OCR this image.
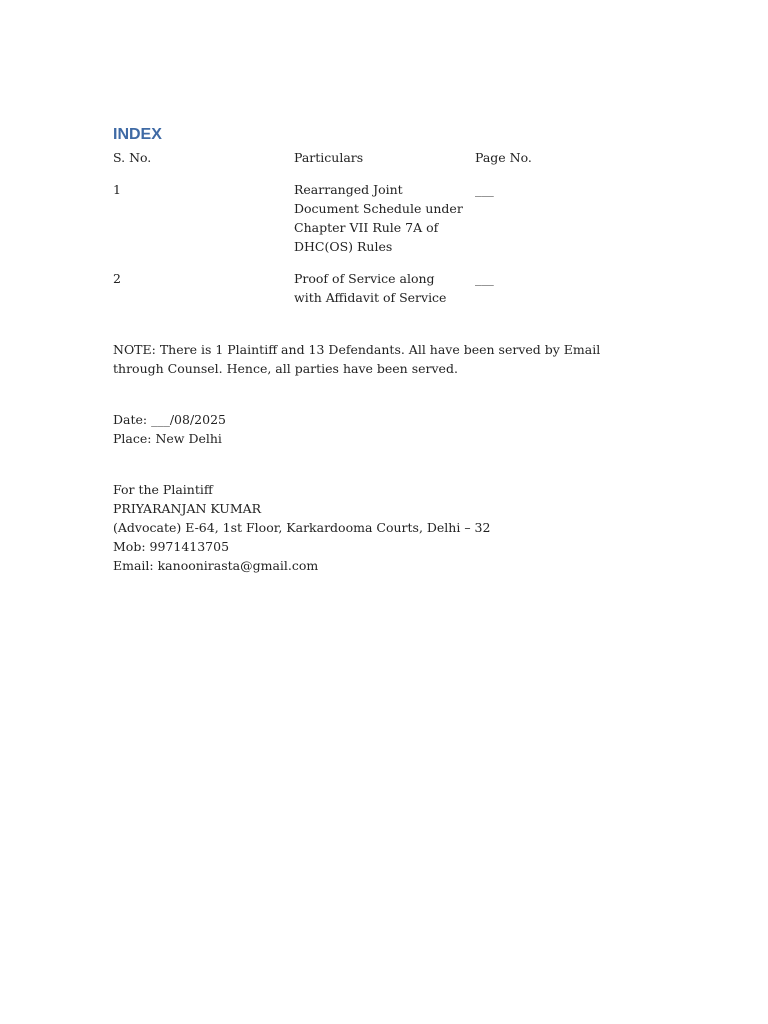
INDEX
S. No.	Particulars	Page No.
1	Rearranged Joint Document Schedule under Chapter VII Rule 7A of DHC(OS) Rules	___
2	Proof of Service along with Affidavit of Service	___

NOTE: There is 1 Plaintiff and 13 Defendants. All have been served by Email through Counsel. Hence, all parties have been served.

Date: ___/08/2025
Place: New Delhi
For the Plaintiff
PRIYARANJAN KUMAR
(Advocate) E-64, 1st Floor, Karkardooma Courts, Delhi – 32
Mob: 9971413705
Email: kanoonirasta@gmail.com
